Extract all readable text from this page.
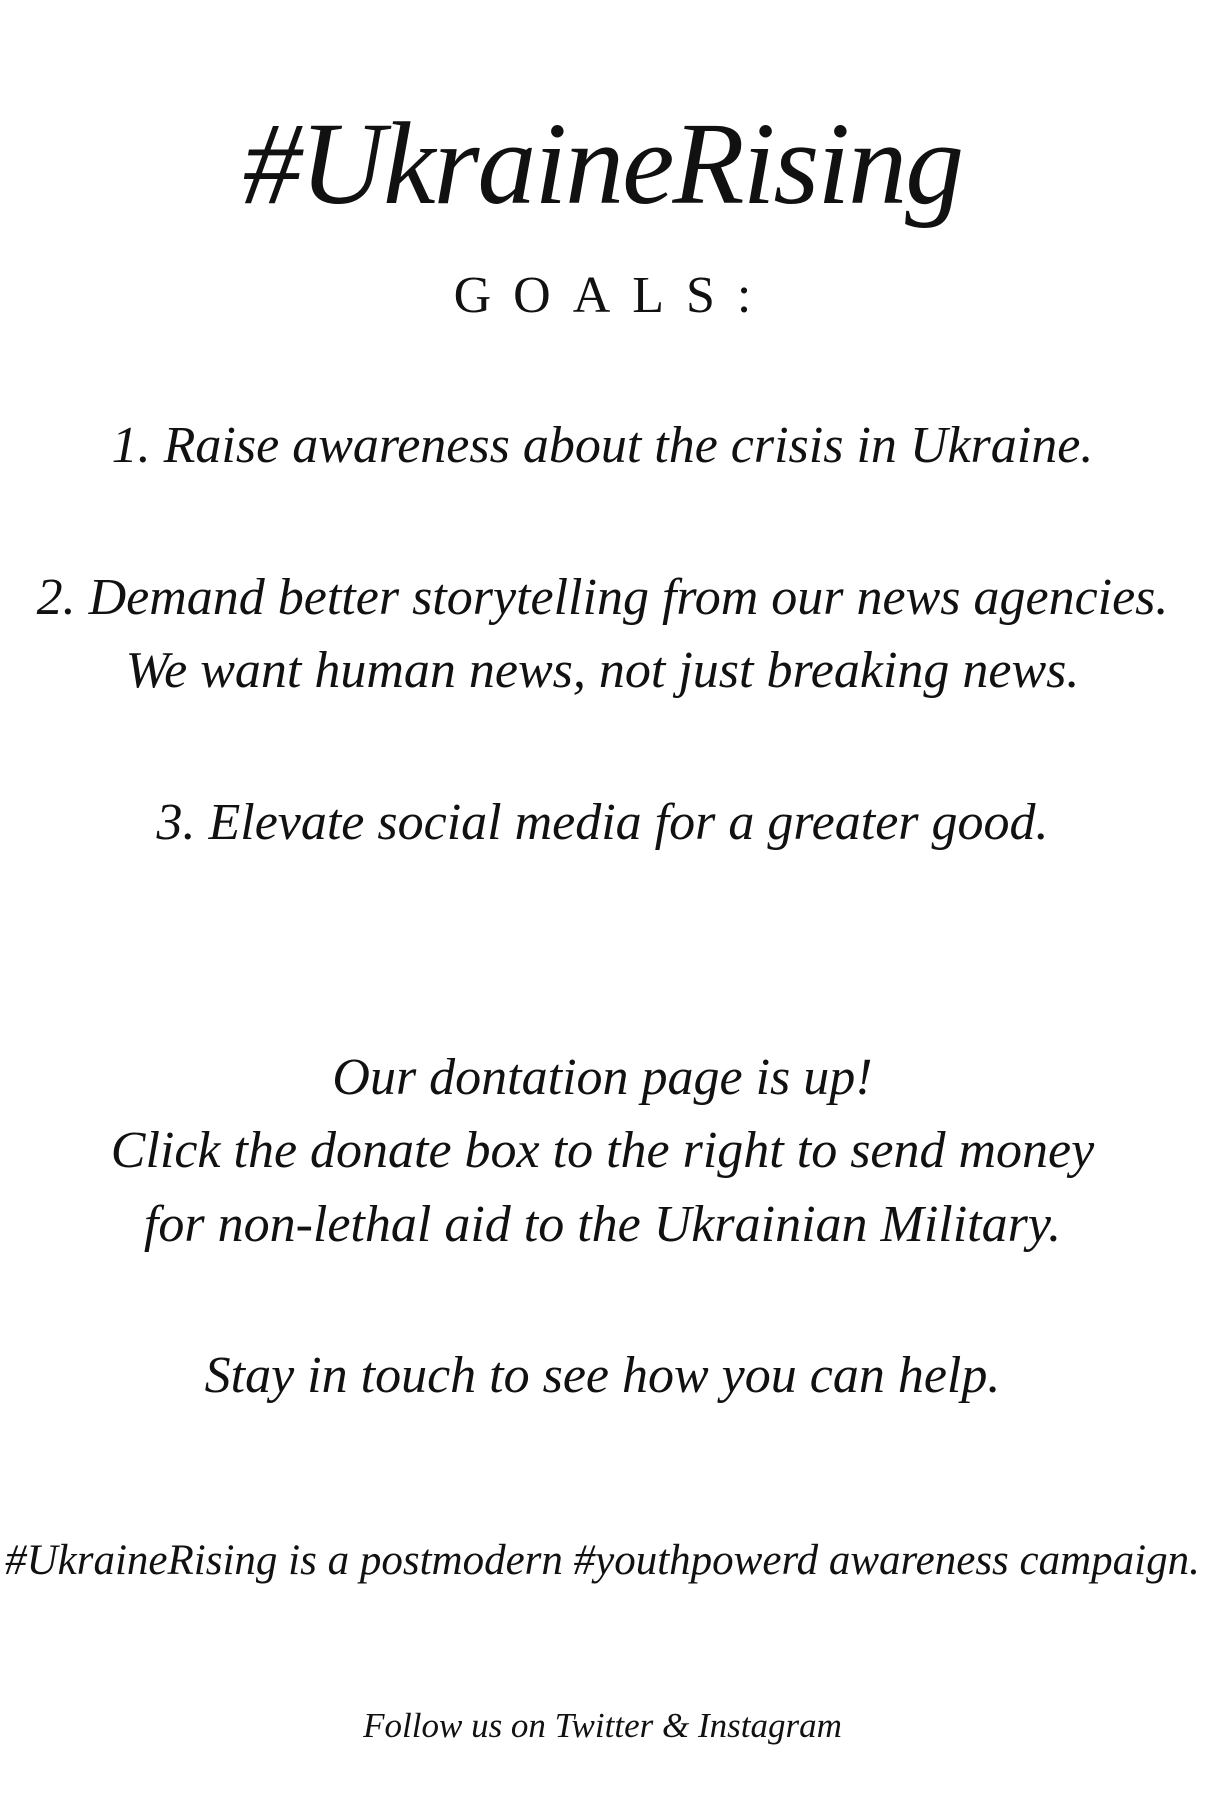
#UkraineRising
GOALS:
1. Raise awareness about the crisis in Ukraine.
2. Demand better storytelling from our news agencies.
We want human news, not just breaking news.
3. Elevate social media for a greater good.
Our dontation page is up!
Click the donate box to the right to send money
for non-lethal aid to the Ukrainian Military.
Stay in touch to see how you can help.
#UkraineRising is a postmodern #youthpowerd awareness campaign.
Follow us on Twitter & Instagram
